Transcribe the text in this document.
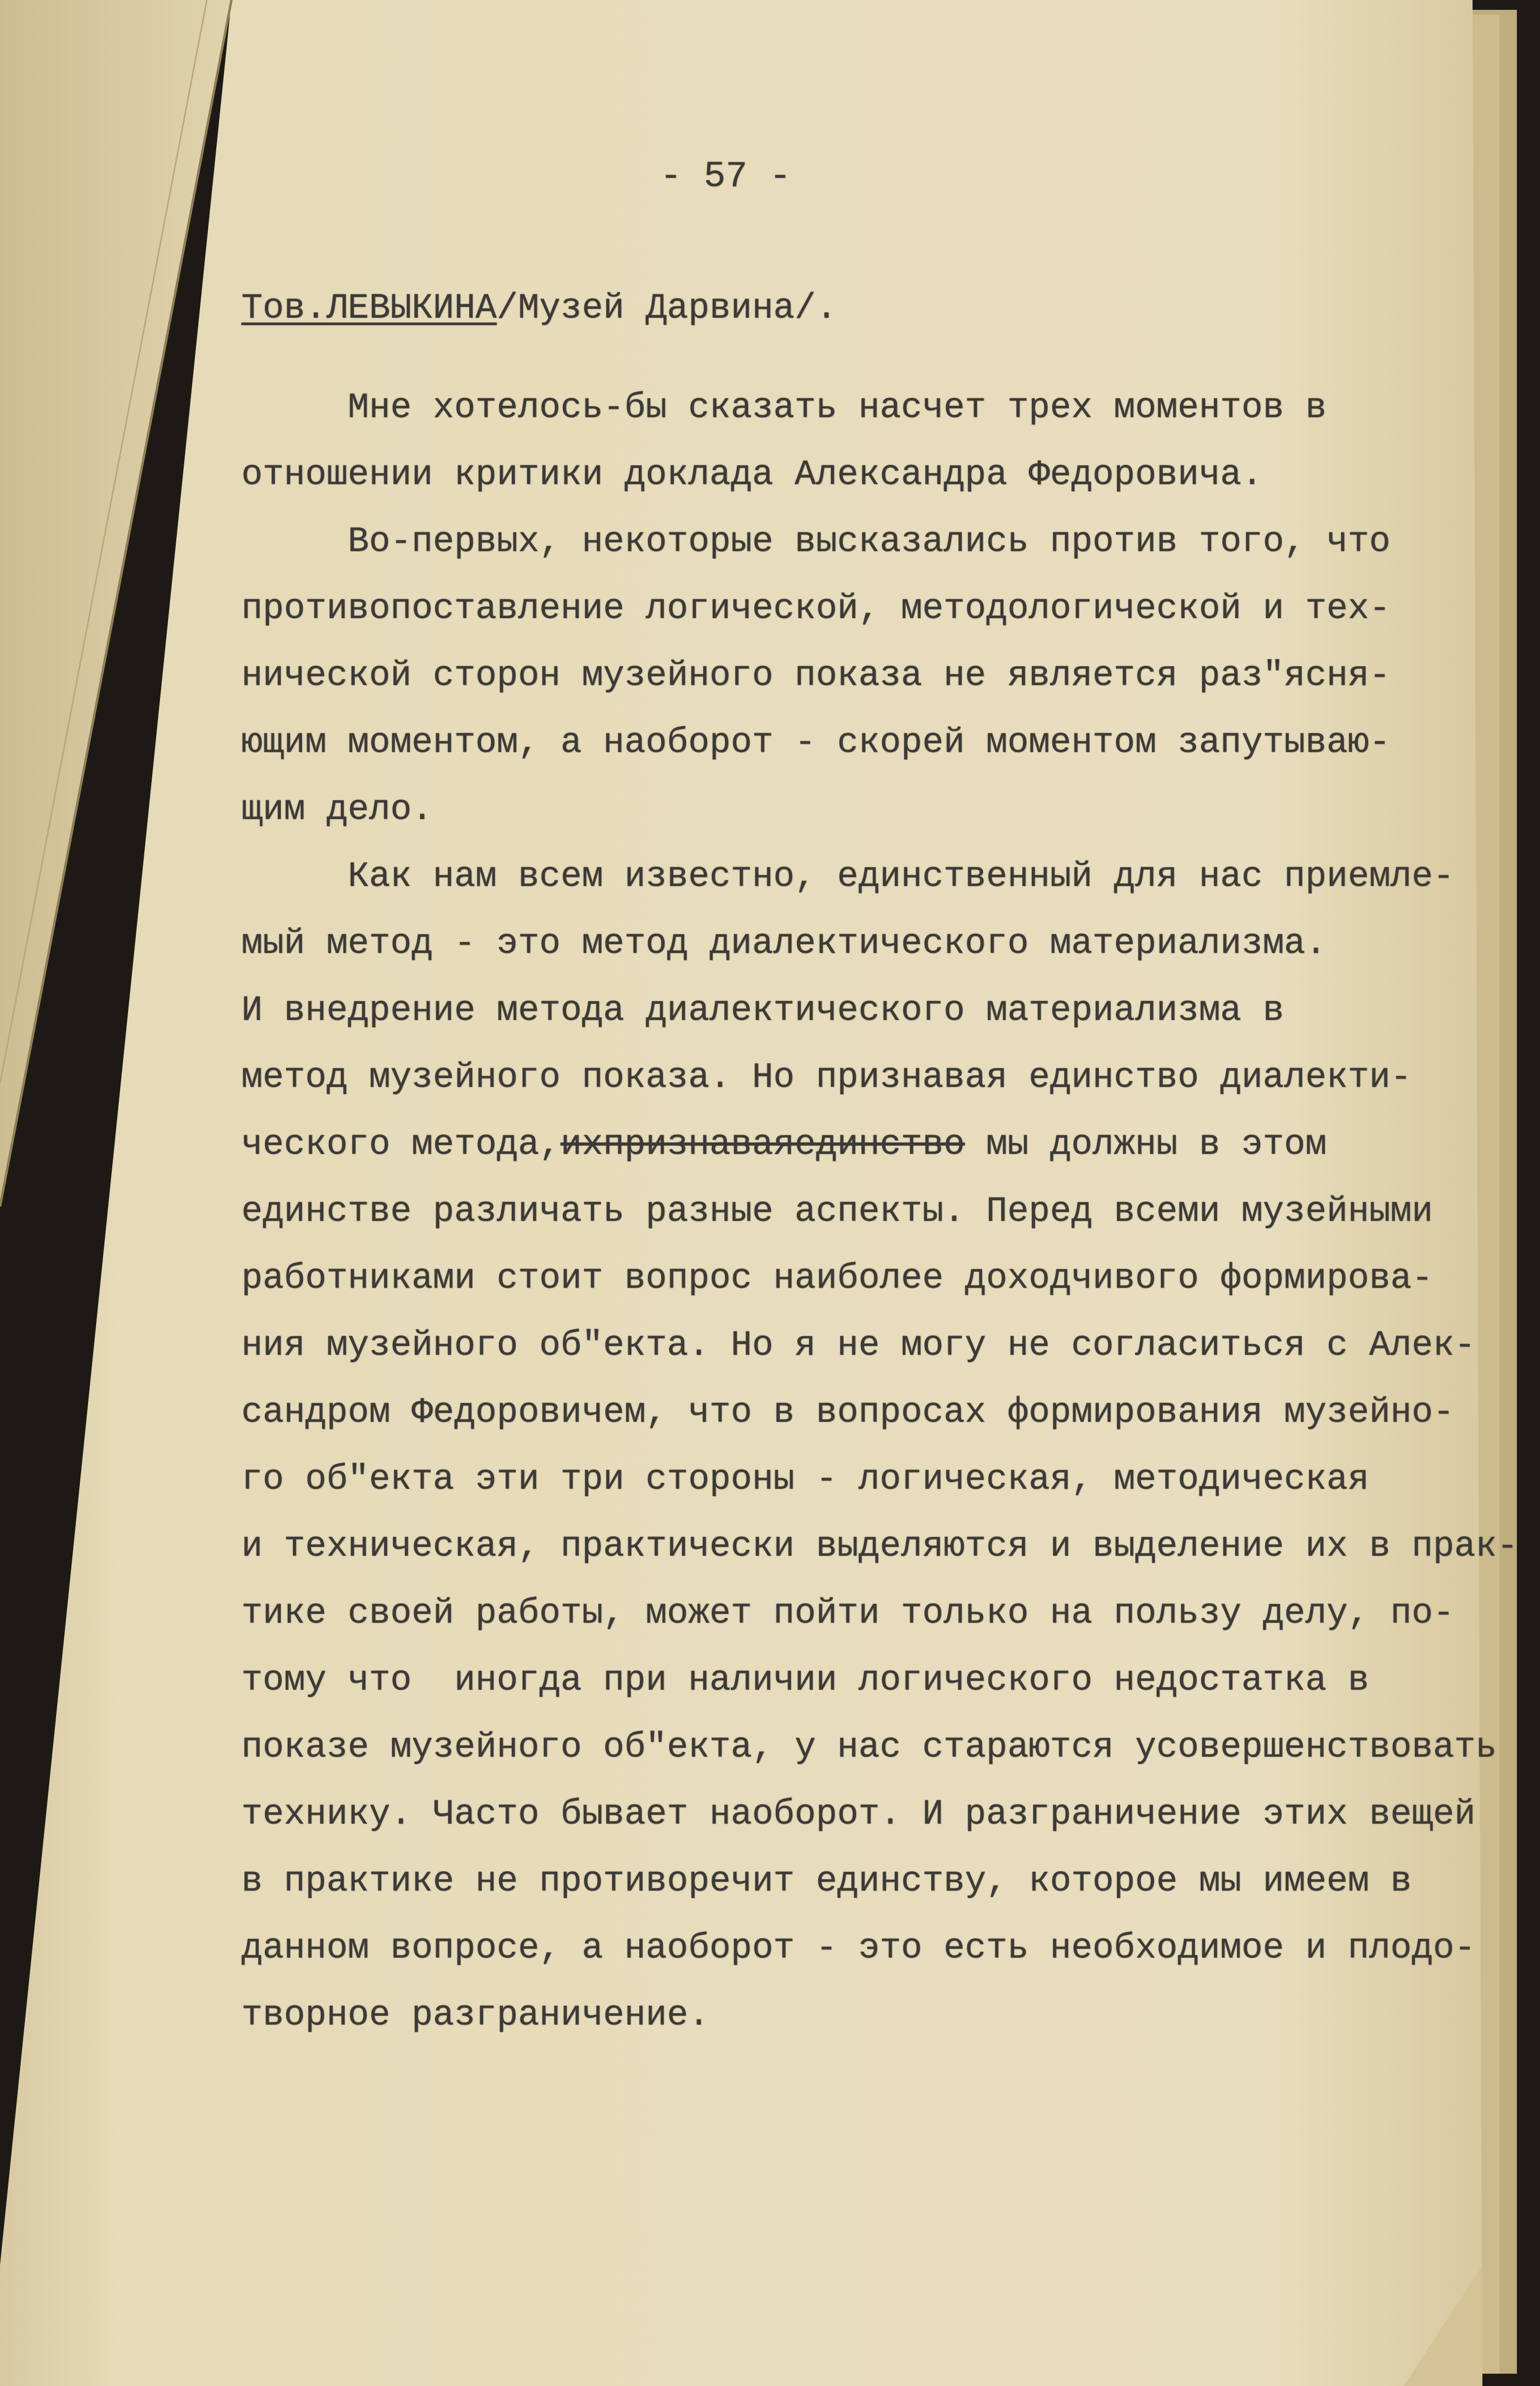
- 57 -
Тов.ЛЕВЫКИНА/Музей Дарвина/.
Мне хотелось-бы сказать насчет трех моментов в
отношении критики доклада Александра Федоровича.
Во-первых, некоторые высказались против того, что
противопоставление логической, методологической и тех-
нической сторон музейного показа не является раз"ясня-
ющим моментом, а наоборот - скорей моментом запутываю-
щим дело.
Как нам всем известно, единственный для нас приемле-
мый метод - это метод диалектического материализма.
И внедрение метода диалектического материализма в
метод музейного показа. Но признавая единство диалекти-
ческого метода,ихпризнаваяединство мы должны в этом
единстве различать разные аспекты. Перед всеми музейными
работниками стоит вопрос наиболее доходчивого формирова-
ния музейного об"екта. Но я не могу не согласиться с Алек-
сандром Федоровичем, что в вопросах формирования музейно-
го об"екта эти три стороны - логическая, методическая
и техническая, практически выделяются и выделение их в прак-
тике своей работы, может пойти только на пользу делу, по-
тому что  иногда при наличии логического недостатка в
показе музейного об"екта, у нас стараются усовершенствовать
технику. Часто бывает наоборот. И разграничение этих вещей
в практике не противоречит единству, которое мы имеем в
данном вопросе, а наоборот - это есть необходимое и плодо-
творное разграничение.
